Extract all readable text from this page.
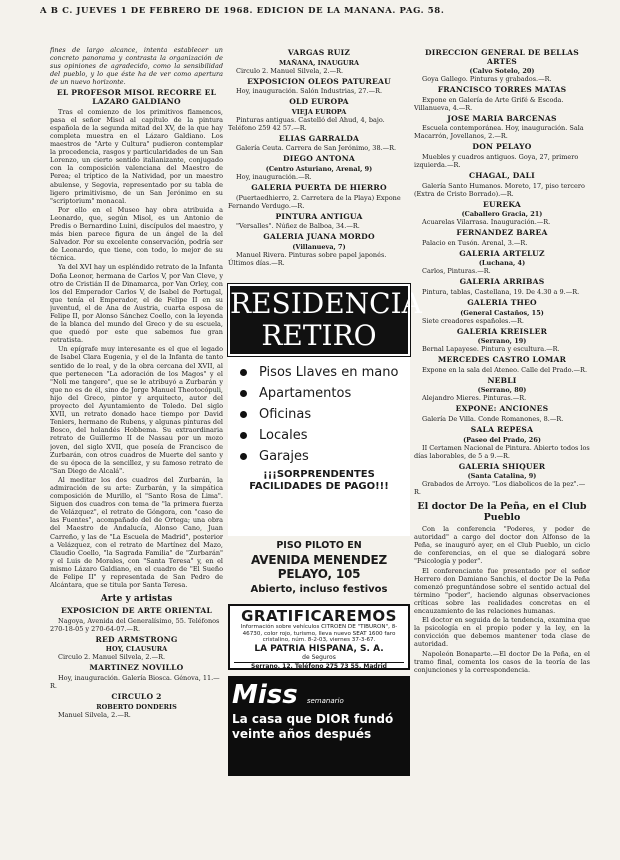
A B C. JUEVES 1 DE FEBRERO DE 1968. EDICION DE LA MAÑANA. PAG. 58.
fines de largo alcance, intenta establecer un concreto panorama y contrasta la organización de sus opiniones de agradecido, como la sensibilidad del pueblo, y lo que éste ha de ver como apertura de un nuevo horizonte.
EL PROFESOR MISOL RECORRE EL LAZARO GALDIANO
Tras el comienzo de los primitivos flamencos, pasa el señor Misol al capítulo de la pintura española de la segunda mitad del XV, de la que hay completa muestra en el Lázaro Galdiano. Los maestros de "Arte y Cultura" pudieron contemplar la procedencia, rasgos y particularidades de un San Lorenzo, un cierto sentido italianizante, conjugado con la composición valenciana del Maestro de Perea; el tríptico de la Natividad, por un maestro abulense, y Segovia, representado por su tabla de ligero primitivismo, de un San Jerónimo en su "scriptorium" monacal.
Por ello en el Museo hay obra atribuida a Leonardo, que, según Misol, es un Antonio de Predis o Bernardino Luini, discípulos del maestro, y más bien parece figura de un ángel de la del Salvador. Por su excelente conservación, podría ser de Leonardo, que tiene, con todo, lo mejor de su técnica.
Ya del XVI hay un espléndido retrato de la Infanta Doña Leonor, hermana de Carlos V, por Van Cleve, y otro de Cristián II de Dinamarca, por Van Orley, con los del Emperador Carlos V, de Isabel de Portugal, que tenía el Emperador, el de Felipe II en su juventud, el de Ana de Austria, cuarta esposa de Felipe II, por Alonso Sánchez Coello, con la leyenda de la blanca del mundo del Greco y de su escuela, que quedó por este que sabemos fue gran retratista.
Un epígrafe muy interesante es el que el legado de Isabel Clara Eugenia, y el de la Infanta de tanto sentido de lo real, y de la obra cercana del XVII, al que pertenecen "La adoración de los Magos" y el "Noli me tangere", que se le atribuyó a Zurbarán y que no es de él, sino de Jorge Manuel Theotocópuli, hijo del Greco, pintor y arquitecto, autor del proyecto del Ayuntamiento de Toledo. Del siglo XVII, un retrato donado hace tiempo por David Teniers, hermano de Rubens, y algunas pinturas del Bosco, del holandés Hobbema. Su extraordinaria retrato de Guillermo II de Nassau por un mozo joven, del siglo XVII, que poseía de Francisco de Zurbarán, con otros cuadros de Muerte del santo y de su época de la sencillez, y su famoso retrato de "San Diego de Alcalá".
Al meditar los dos cuadros del Zurbarán, la admiración de su arte: Zurbarán, y la simpática composición de Murillo, el "Santo Rosa de Lima". Siguen dos cuadros con tema de "la primera fuerza de Velázquez", el retrato de Góngora, con "caso de las Fuentes", acompañado del de Ortega; una obra del Maestro de Andalucía, Alonso Cano, Juan Carreño, y las de "La Escuela de Madrid", posterior a Velázquez, con el retrato de Martínez del Mazo, Claudio Coello, "la Sagrada Familia" de "Zurbarán" y el Luis de Morales, con "Santa Teresa" y, en el mismo Lázaro Galdiano, en el cuadro de "El Sueño de Felipe II" y representada de San Pedro de Alcántara, que se titula por Santa Teresa.
Arte y artistas
EXPOSICION DE ARTE ORIENTAL
Nagoya, Avenida del Generalísimo, 55. Teléfonos 270-18-05 y 270-64-07.—R.
RED ARMSTRONG
HOY, CLAUSURA
Circulo 2. Manuel Silvela, 2.—R.
MARTINEZ NOVILLO
Hoy, inauguración. Galería Biosca. Génova, 11.—R.
CIRCULO 2
ROBERTO DONDERIS
Manuel Silvela, 2.—R.
VARGAS RUIZ
MAÑANA, INAUGURA
Circulo 2. Manuel Silvela, 2.—R.
EXPOSICION OLEOS PATUREAU
Hoy, inauguración. Salón Industrias, 27.—R.
OLD EUROPA
VIEJA EUROPA
Pinturas antiguas. Castelló del Ahud, 4, bajo. Teléfono 259 42 57.—R.
ELIAS GARRALDA
Galería Ceuta. Carrera de San Jerónimo, 38.—R.
DIEGO ANTONA
(Centro Asturiano, Arenal, 9)
Hoy, inauguración.—R.
GALERIA PUERTA DE HIERRO
(Puertaedhierro, 2. Carretera de la Playa) Expone Fernando Verdugo.—R.
PINTURA ANTIGUA
"Versalles". Núñez de Balboa, 34.—R.
GALERIA JUANA MORDO
(Villanueva, 7)
Manuel Rivera. Pinturas sobre papel japonés. Últimos días.—R.
RESIDENCIA RETIRO
Pisos Llaves en mano
Apartamentos
Oficinas
Locales
Garajes
¡¡¡SORPRENDENTES FACILIDADES DE PAGO!!!
PISO PILOTO EN
AVENIDA MENENDEZ PELAYO, 105
Abierto, incluso festivos
GRATIFICAREMOS
Información sobre vehículos CITROEN DE "TIBURON", 8-46730, color rojo, turismo, lleva nuevo SEAT 1600 faro cristalino, núm. 8-2-03, viernes 37-3-67.
LA PATRIA HISPANA, S. A.
de Seguros
Serrano, 12. Teléfono 275 73 55. Madrid
Miss semanario
La casa que DIOR fundó
veinte años después
DIRECCION GENERAL DE BELLAS ARTES
(Calvo Sotelo, 20)
Goya Gallego. Pinturas y grabados.—R.
FRANCISCO TORRES MATAS
Expone en Galería de Arte Grifé & Escoda. Villanueva, 4.—R.
JOSE MARIA BARCENAS
Escuela contemporánea. Hoy, inauguración. Sala Macarrón, Jovellanos, 2.—R.
DON PELAYO
Muebles y cuadros antiguos. Goya, 27, primero izquierda.—R.
CHAGAL, DALI
Galería Santo Humanos. Moreto, 17, piso tercero (Extra de Cristo Borrado).—R.
EUREKA
(Caballero Gracia, 21)
Acuarelas Vilarrasa. Inauguración.—R.
FERNANDEZ BAREA
Palacio en Tusón. Arenal, 3.—R.
GALERIA ARTELUZ
(Luchana, 4)
Carlos, Pinturas.—R.
GALERIA ARRIBAS
Pintura, tablas, Castellana, 19. De 4.30 a 9.—R.
GALERIA THEO
(General Castaños, 15)
Siete creadores españoles.—R.
GALERIA KREISLER
(Serrano, 19)
Bernal Lapayese. Pintura y escultura.—R.
MERCEDES CASTRO LOMAR
Expone en la sala del Ateneo. Calle del Prado.—R.
NEBLI
(Serrano, 80)
Alejandro Mieres. Pinturas.—R.
EXPONE: ANCIONES
Galería De Villa. Conde Romanones, 8.—R.
SALA REPESA
(Paseo del Prado, 26)
II Certamen Nacional de Pintura. Abierto todos los días laborables, de 5 a 9.—R.
GALERIA SHIQUER
(Santa Catalina, 9)
Grabados de Arroyo. "Los diabolicos de la pez".—R.
El doctor De la Peña, en el Club Pueblo
Con la conferencia "Poderes, y poder de autoridad" a cargo del doctor don Alfonso de la Peña, se inauguró ayer, en el Club Pueblo, un ciclo de conferencias, en el que se dialogará sobre "Psicología y poder".
El conferenciante fue presentado por el señor Herrero don Damiano Sanchis, el doctor De la Peña comenzó preguntándose sobre el sentido actual del término "poder", haciendo algunas observaciones críticas sobre las realidades concretas en el encauzamiento de las relaciones humanas.
El doctor en seguida de la tendencia, examina que la psicología en el propio poder y la ley, en la convicción que debemos mantener toda clase de autoridad.
Napoleón Bonaparte.—El doctor De la Peña, en el tramo final, comenta los casos de la teoría de las conjunciones y la correspondencia.
